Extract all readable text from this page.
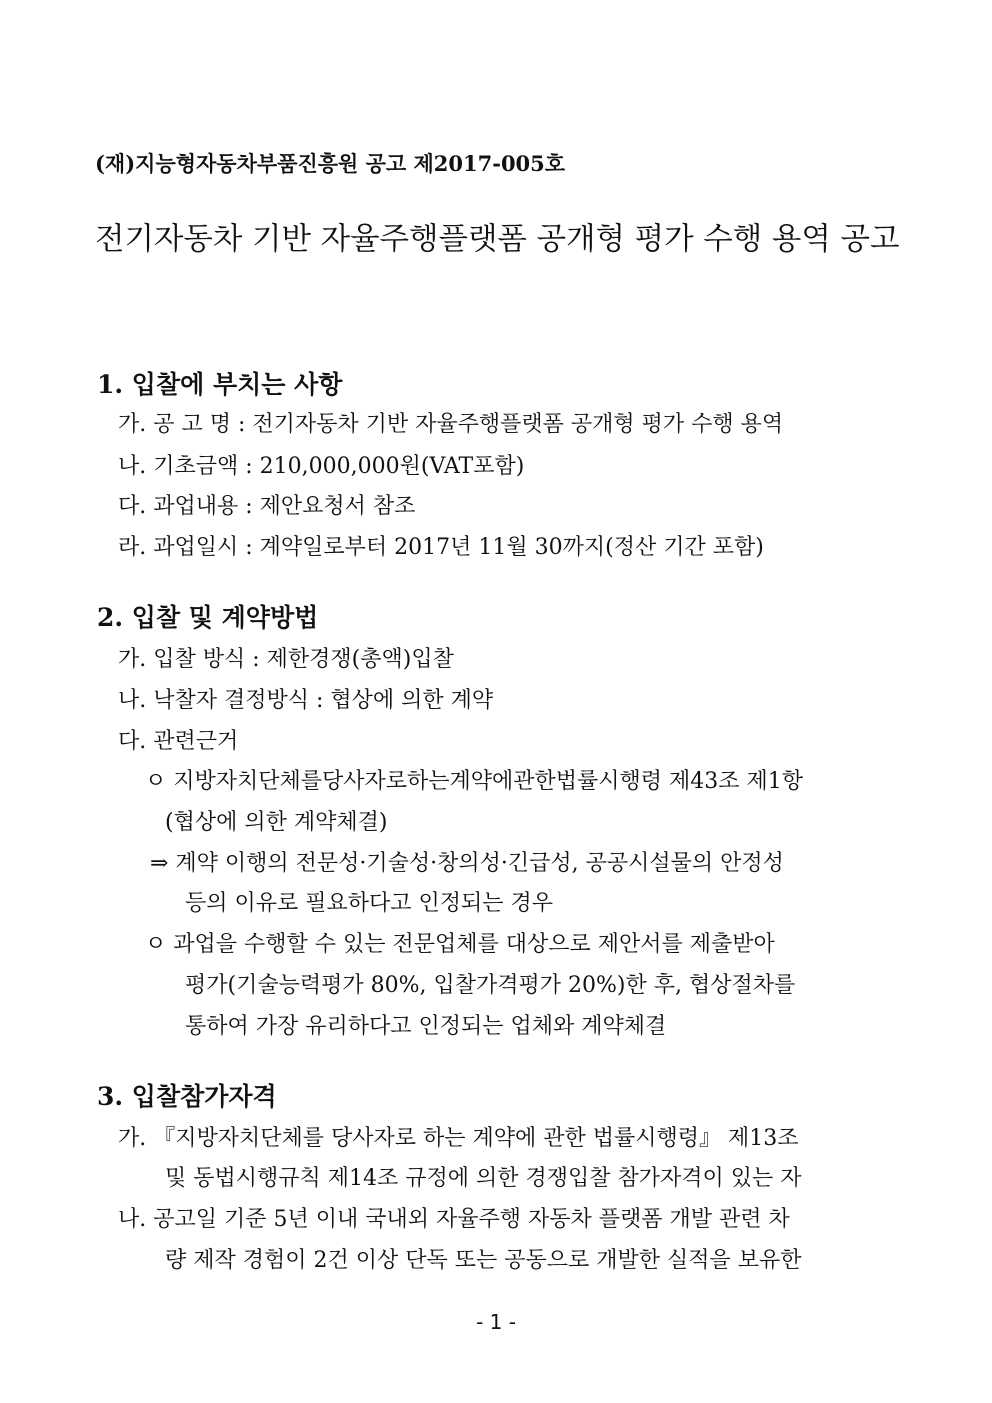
(재)지능형자동차부품진흥원 공고 제2017-005호
전기자동차 기반 자율주행플랫폼 공개형 평가 수행 용역 공고
1. 입찰에 부치는 사항
가. 공 고 명 : 전기자동차 기반 자율주행플랫폼 공개형 평가 수행 용역
나. 기초금액 : 210,000,000원(VAT포함)
다. 과업내용 : 제안요청서 참조
라. 과업일시 : 계약일로부터 2017년 11월 30까지(정산 기간 포함)
2. 입찰 및 계약방법
가. 입찰 방식 : 제한경쟁(총액)입찰
나. 낙찰자 결정방식 : 협상에 의한 계약
다. 관련근거
ㅇ 지방자치단체를당사자로하는계약에관한법률시행령 제43조 제1항
(협상에 의한 계약체결)
⇒ 계약 이행의 전문성·기술성·창의성·긴급성, 공공시설물의 안정성
등의 이유로 필요하다고 인정되는 경우
ㅇ 과업을 수행할 수 있는 전문업체를 대상으로 제안서를 제출받아
평가(기술능력평가 80%, 입찰가격평가 20%)한 후, 협상절차를
통하여 가장 유리하다고 인정되는 업체와 계약체결
3. 입찰참가자격
가. 『지방자치단체를 당사자로 하는 계약에 관한 법률시행령』 제13조
및 동법시행규칙 제14조 규정에 의한 경쟁입찰 참가자격이 있는 자
나. 공고일 기준 5년 이내 국내외 자율주행 자동차 플랫폼 개발 관련 차
량 제작 경험이 2건 이상 단독 또는 공동으로 개발한 실적을 보유한
- 1 -
